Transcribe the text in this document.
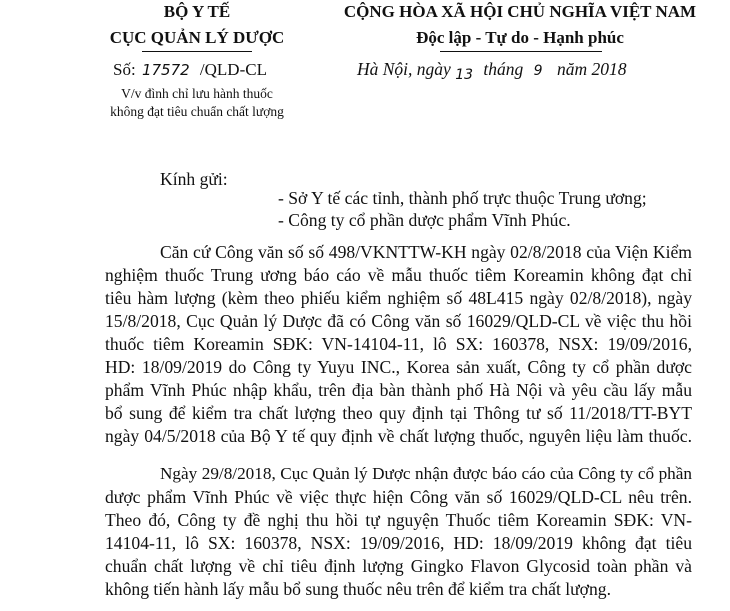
BỘ Y TẾ
CỤC QUẢN LÝ DƯỢC
Số: 17572 /QLD-CL
V/v đình chỉ lưu hành thuốc
không đạt tiêu chuẩn chất lượng
CỘNG HÒA XÃ HỘI CHỦ NGHĨA VIỆT NAM
Độc lập - Tự do - Hạnh phúc
Hà Nội, ngày $_{13}$ tháng 9 năm 2018
Kính gửi:
- Sở Y tế các tỉnh, thành phố trực thuộc Trung ương;
- Công ty cổ phần dược phẩm Vĩnh Phúc.
Căn cứ Công văn số số 498/VKNTTW-KH ngày 02/8/2018 của Viện Kiểm
nghiệm thuốc Trung ương báo cáo về mẫu thuốc tiêm Koreamin không đạt chỉ
tiêu hàm lượng (kèm theo phiếu kiểm nghiệm số 48L415 ngày 02/8/2018), ngày
15/8/2018, Cục Quản lý Dược đã có Công văn số 16029/QLD-CL về việc thu hồi
thuốc tiêm Koreamin SĐK: VN-14104-11, lô SX: 160378, NSX: 19/09/2016,
HD: 18/09/2019 do Công ty Yuyu INC., Korea sản xuất, Công ty cổ phần dược
phẩm Vĩnh Phúc nhập khẩu, trên địa bàn thành phố Hà Nội và yêu cầu lấy mẫu
bổ sung để kiểm tra chất lượng theo quy định tại Thông tư số 11/2018/TT-BYT
ngày 04/5/2018 của Bộ Y tế quy định về chất lượng thuốc, nguyên liệu làm thuốc.
Ngày 29/8/2018, Cục Quản lý Dược nhận được báo cáo của Công ty cổ phần
dược phẩm Vĩnh Phúc về việc thực hiện Công văn số 16029/QLD-CL nêu trên.
Theo đó, Công ty đề nghị thu hồi tự nguyện Thuốc tiêm Koreamin SĐK: VN-
14104-11, lô SX: 160378, NSX: 19/09/2016, HD: 18/09/2019 không đạt tiêu
chuẩn chất lượng về chỉ tiêu định lượng Gingko Flavon Glycosid toàn phần và
không tiến hành lấy mẫu bổ sung thuốc nêu trên để kiểm tra chất lượng.
